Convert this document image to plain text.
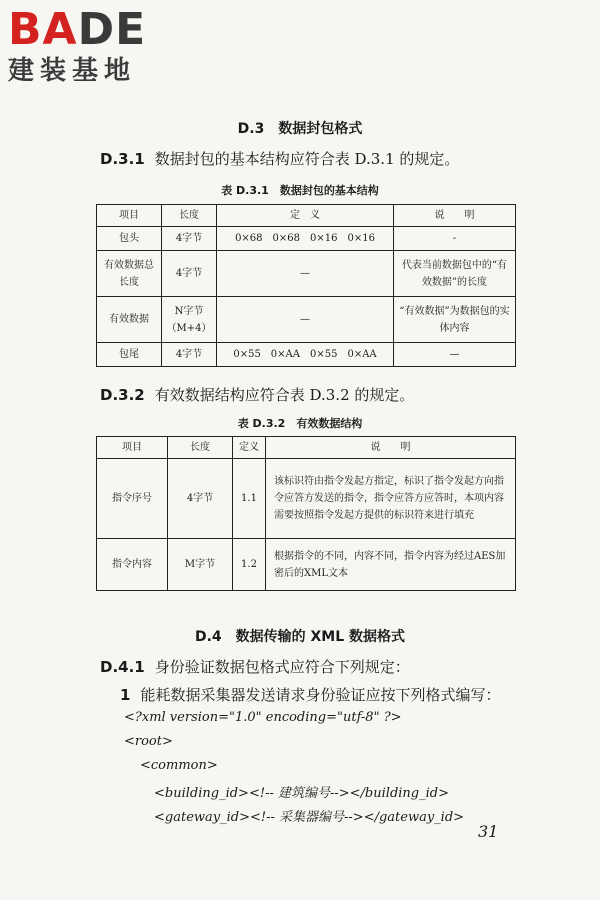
BADE
建装基地
D.3　数据封包格式
D.3.1 数据封包的基本结构应符合表 D.3.1 的规定。
表 D.3.1　数据封包的基本结构
项目	长度	定　义	说　　明
包头	4字节	0×68　0×68　0×16　0×16	-
有效数据总长度	4字节	—	代表当前数据包中的“有效数据”的长度
有效数据	N字节（M+4）	—	“有效数据”为数据包的实体内容
包尾	4字节	0×55　0×AA　0×55　0×AA	—
D.3.2 有效数据结构应符合表 D.3.2 的规定。
表 D.3.2　有效数据结构
项目	长度	定义	说　　明
指令序号	4字节	1.1	该标识符由指令发起方指定，标识了指令发起方向指令应答方发送的指令，指令应答方应答时，本项内容需要按照指令发起方提供的标识符来进行填充
指令内容	M字节	1.2	根据指令的不同，内容不同，指令内容为经过AES加密后的XML文本
D.4　数据传输的 XML 数据格式
D.4.1 身份验证数据包格式应符合下列规定：
1 能耗数据采集器发送请求身份验证应按下列格式编写：
<?xml version="1.0" encoding="utf-8" ?>
<root>
<common>
<building_id><!-- 建筑编号--></building_id>
<gateway_id><!-- 采集器编号--></gateway_id>
31
